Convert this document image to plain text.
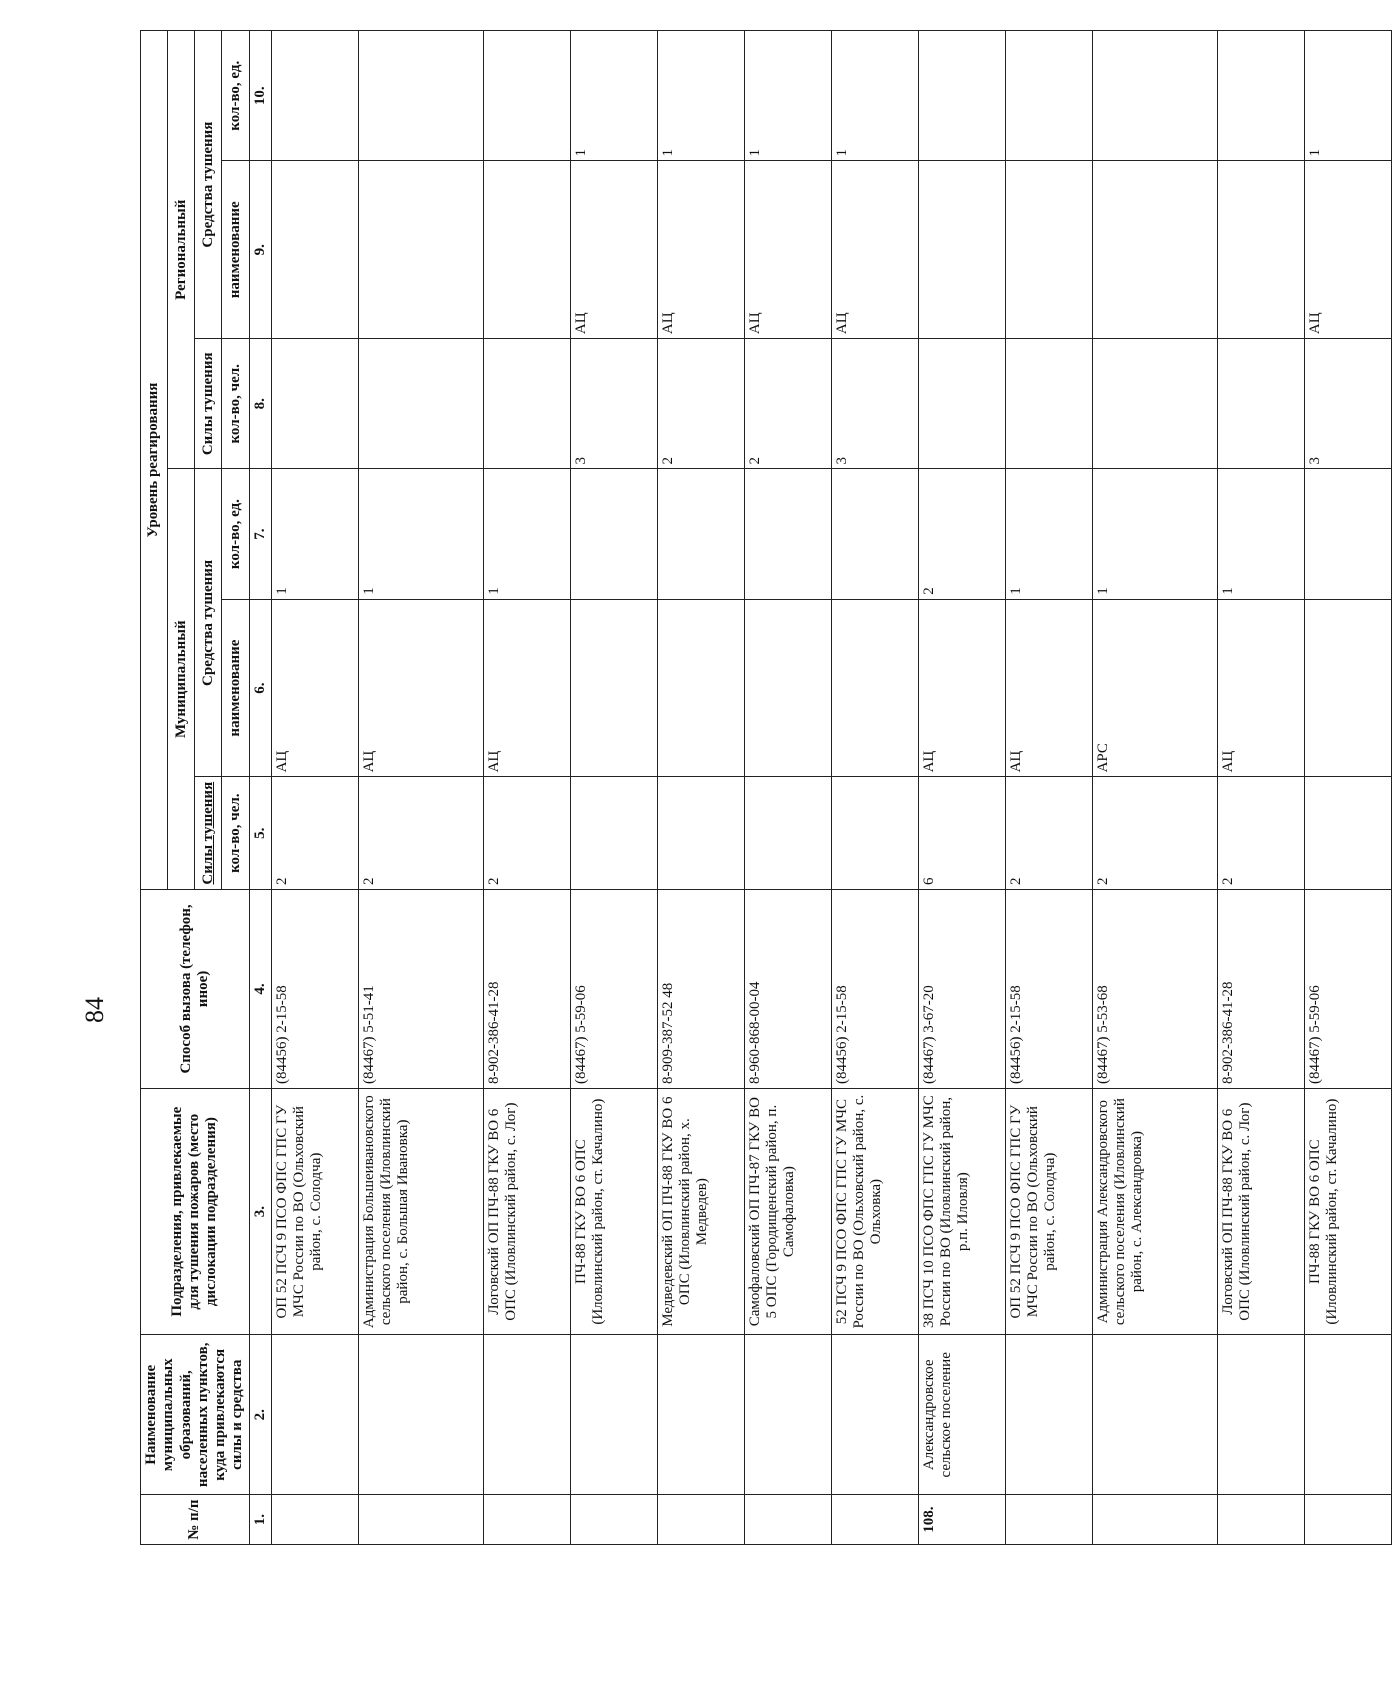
84
№ п/п	Наименование муниципальных образований, населенных пунктов, куда привлекаются силы и средства	Подразделения, привлекаемые для тушения пожаров (место дислокации подразделения)	Способ вызова (телефон, иное)	Уровень реагирования					
				Муниципальный			Региональный		
				Силы тушения	Средства тушения		Силы тушения	Средства тушения	
				кол-во, чел.	наименование	кол-во, ед.	кол-во, чел.	наименование	кол-во, ед.
1.	2.	3.	4.	5.	6.	7.	8.	9.	10.
		ОП 52 ПСЧ 9 ПСО ФПС ГПС ГУ МЧС России по ВО (Ольховский район, с. Солодча)	(84456) 2-15-58	2	АЦ	1			
		Администрация Большеивановского сельского поселения (Иловлинский район, с. Большая Ивановка)	(84467) 5-51-41	2	АЦ	1			
		Логовский ОП ПЧ-88 ГКУ ВО 6 ОПС (Иловлинский район, с. Лог)	8-902-386-41-28	2	АЦ	1			
		ПЧ-88 ГКУ ВО 6 ОПС (Иловлинский район, ст. Качалино)	(84467) 5-59-06				3	АЦ	1
		Медведевский ОП ПЧ-88 ГКУ ВО 6 ОПС (Иловлинский район, х. Медведев)	8-909-387-52 48				2	АЦ	1
		Самофаловский ОП ПЧ-87 ГКУ ВО 5 ОПС (Городищенский район, п. Самофаловка)	8-960-868-00-04				2	АЦ	1
		52 ПСЧ 9 ПСО ФПС ГПС ГУ МЧС России по ВО (Ольховский район, с. Ольховка)	(84456) 2-15-58				3	АЦ	1
108.	Александровское сельское поселение	38 ПСЧ 10 ПСО ФПС ГПС ГУ МЧС России по ВО (Иловлинский район, р.п. Иловля)	(84467) 3-67-20	6	АЦ	2			
		ОП 52 ПСЧ 9 ПСО ФПС ГПС ГУ МЧС России по ВО (Ольховский район, с. Солодча)	(84456) 2-15-58	2	АЦ	1			
		Администрация Александровского сельского поселения (Иловлинский район, с. Александровка)	(84467) 5-53-68	2	АРС	1			
		Логовский ОП ПЧ-88 ГКУ ВО 6 ОПС (Иловлинский район, с. Лог)	8-902-386-41-28	2	АЦ	1			
		ПЧ-88 ГКУ ВО 6 ОПС (Иловлинский район, ст. Качалино)	(84467) 5-59-06				3	АЦ	1
